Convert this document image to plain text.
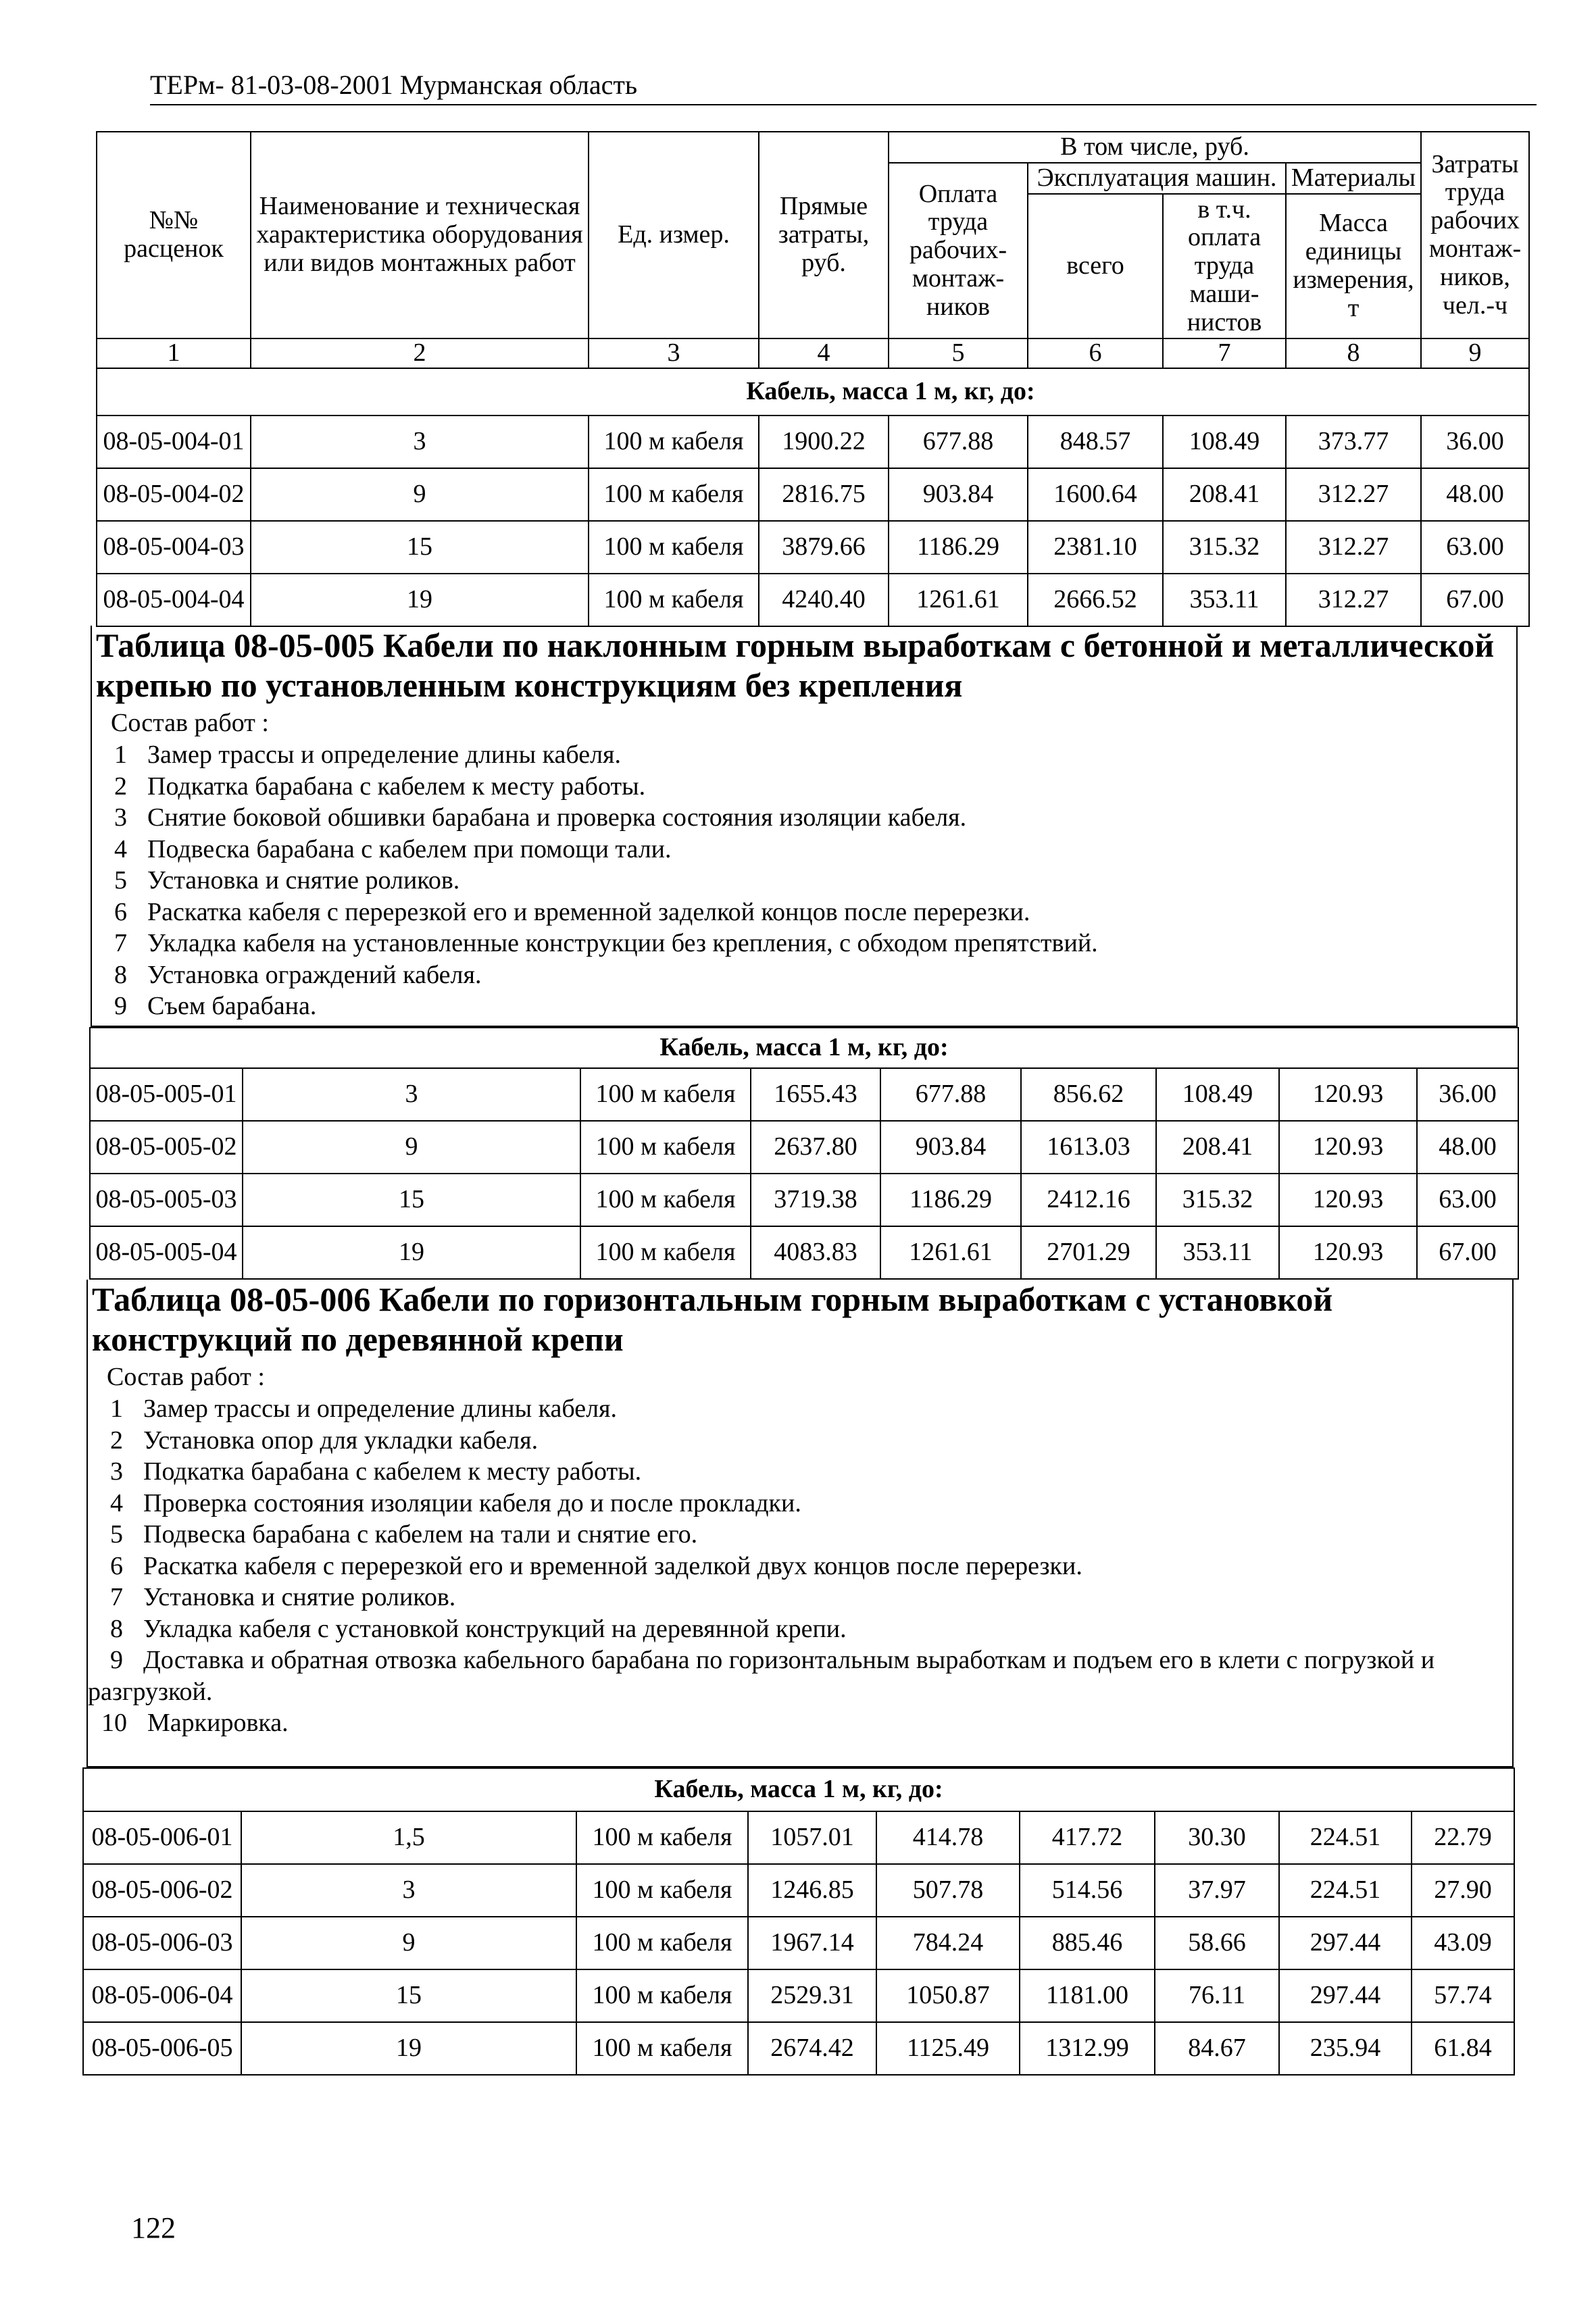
ТЕРм- 81-03-08-2001 Мурманская область
№№ расценок	Наименование и техническая характеристика оборудования или видов монтажных работ	Ед. измер.	Прямые затраты, руб.	В том числе, руб.				Затраты труда рабочих монтаж-ников, чел.-ч
				Оплата труда рабочих-монтаж-ников	Эксплуатация машин.		Материалы	
					всего	в т.ч. оплата труда маши-нистов	Масса единицы измерения, т	
1	2	3	4	5	6	7	8	9
Кабель, масса 1 м, кг, до:								
08-05-004-01	3	100 м кабеля	1900.22	677.88	848.57	108.49	373.77	36.00
08-05-004-02	9	100 м кабеля	2816.75	903.84	1600.64	208.41	312.27	48.00
08-05-004-03	15	100 м кабеля	3879.66	1186.29	2381.10	315.32	312.27	63.00
08-05-004-04	19	100 м кабеля	4240.40	1261.61	2666.52	353.11	312.27	67.00
Таблица 08-05-005 Кабели по наклонным горным выработкам с бетонной и металлической крепью по установленным конструкциям без крепления
Состав работ :
1 Замер трассы и определение длины кабеля.
2 Подкатка барабана с кабелем к месту работы.
3 Снятие боковой обшивки барабана и проверка состояния изоляции кабеля.
4 Подвеска барабана с кабелем при помощи тали.
5 Установка и снятие роликов.
6 Раскатка кабеля с перерезкой его и временной заделкой концов после перерезки.
7 Укладка кабеля на установленные конструкции без крепления, с обходом препятствий.
8 Установка ограждений кабеля.
9 Съем барабана.
Кабель, масса 1 м, кг, до:								
08-05-005-01	3	100 м кабеля	1655.43	677.88	856.62	108.49	120.93	36.00
08-05-005-02	9	100 м кабеля	2637.80	903.84	1613.03	208.41	120.93	48.00
08-05-005-03	15	100 м кабеля	3719.38	1186.29	2412.16	315.32	120.93	63.00
08-05-005-04	19	100 м кабеля	4083.83	1261.61	2701.29	353.11	120.93	67.00
Таблица 08-05-006 Кабели по горизонтальным горным выработкам с установкой конструкций по деревянной крепи
Состав работ :
1 Замер трассы и определение длины кабеля.
2 Установка опор для укладки кабеля.
3 Подкатка барабана с кабелем к месту работы.
4 Проверка состояния изоляции кабеля до и после прокладки.
5 Подвеска барабана с кабелем на тали и снятие его.
6 Раскатка кабеля с перерезкой его и временной заделкой двух концов после перерезки.
7 Установка и снятие роликов.
8 Укладка кабеля с установкой конструкций на деревянной крепи.
9 Доставка и обратная отвозка кабельного барабана по горизонтальным выработкам и подъем его в клети с погрузкой и разгрузкой.
10 Маркировка.
Кабель, масса 1 м, кг, до:								
08-05-006-01	1,5	100 м кабеля	1057.01	414.78	417.72	30.30	224.51	22.79
08-05-006-02	3	100 м кабеля	1246.85	507.78	514.56	37.97	224.51	27.90
08-05-006-03	9	100 м кабеля	1967.14	784.24	885.46	58.66	297.44	43.09
08-05-006-04	15	100 м кабеля	2529.31	1050.87	1181.00	76.11	297.44	57.74
08-05-006-05	19	100 м кабеля	2674.42	1125.49	1312.99	84.67	235.94	61.84
122
